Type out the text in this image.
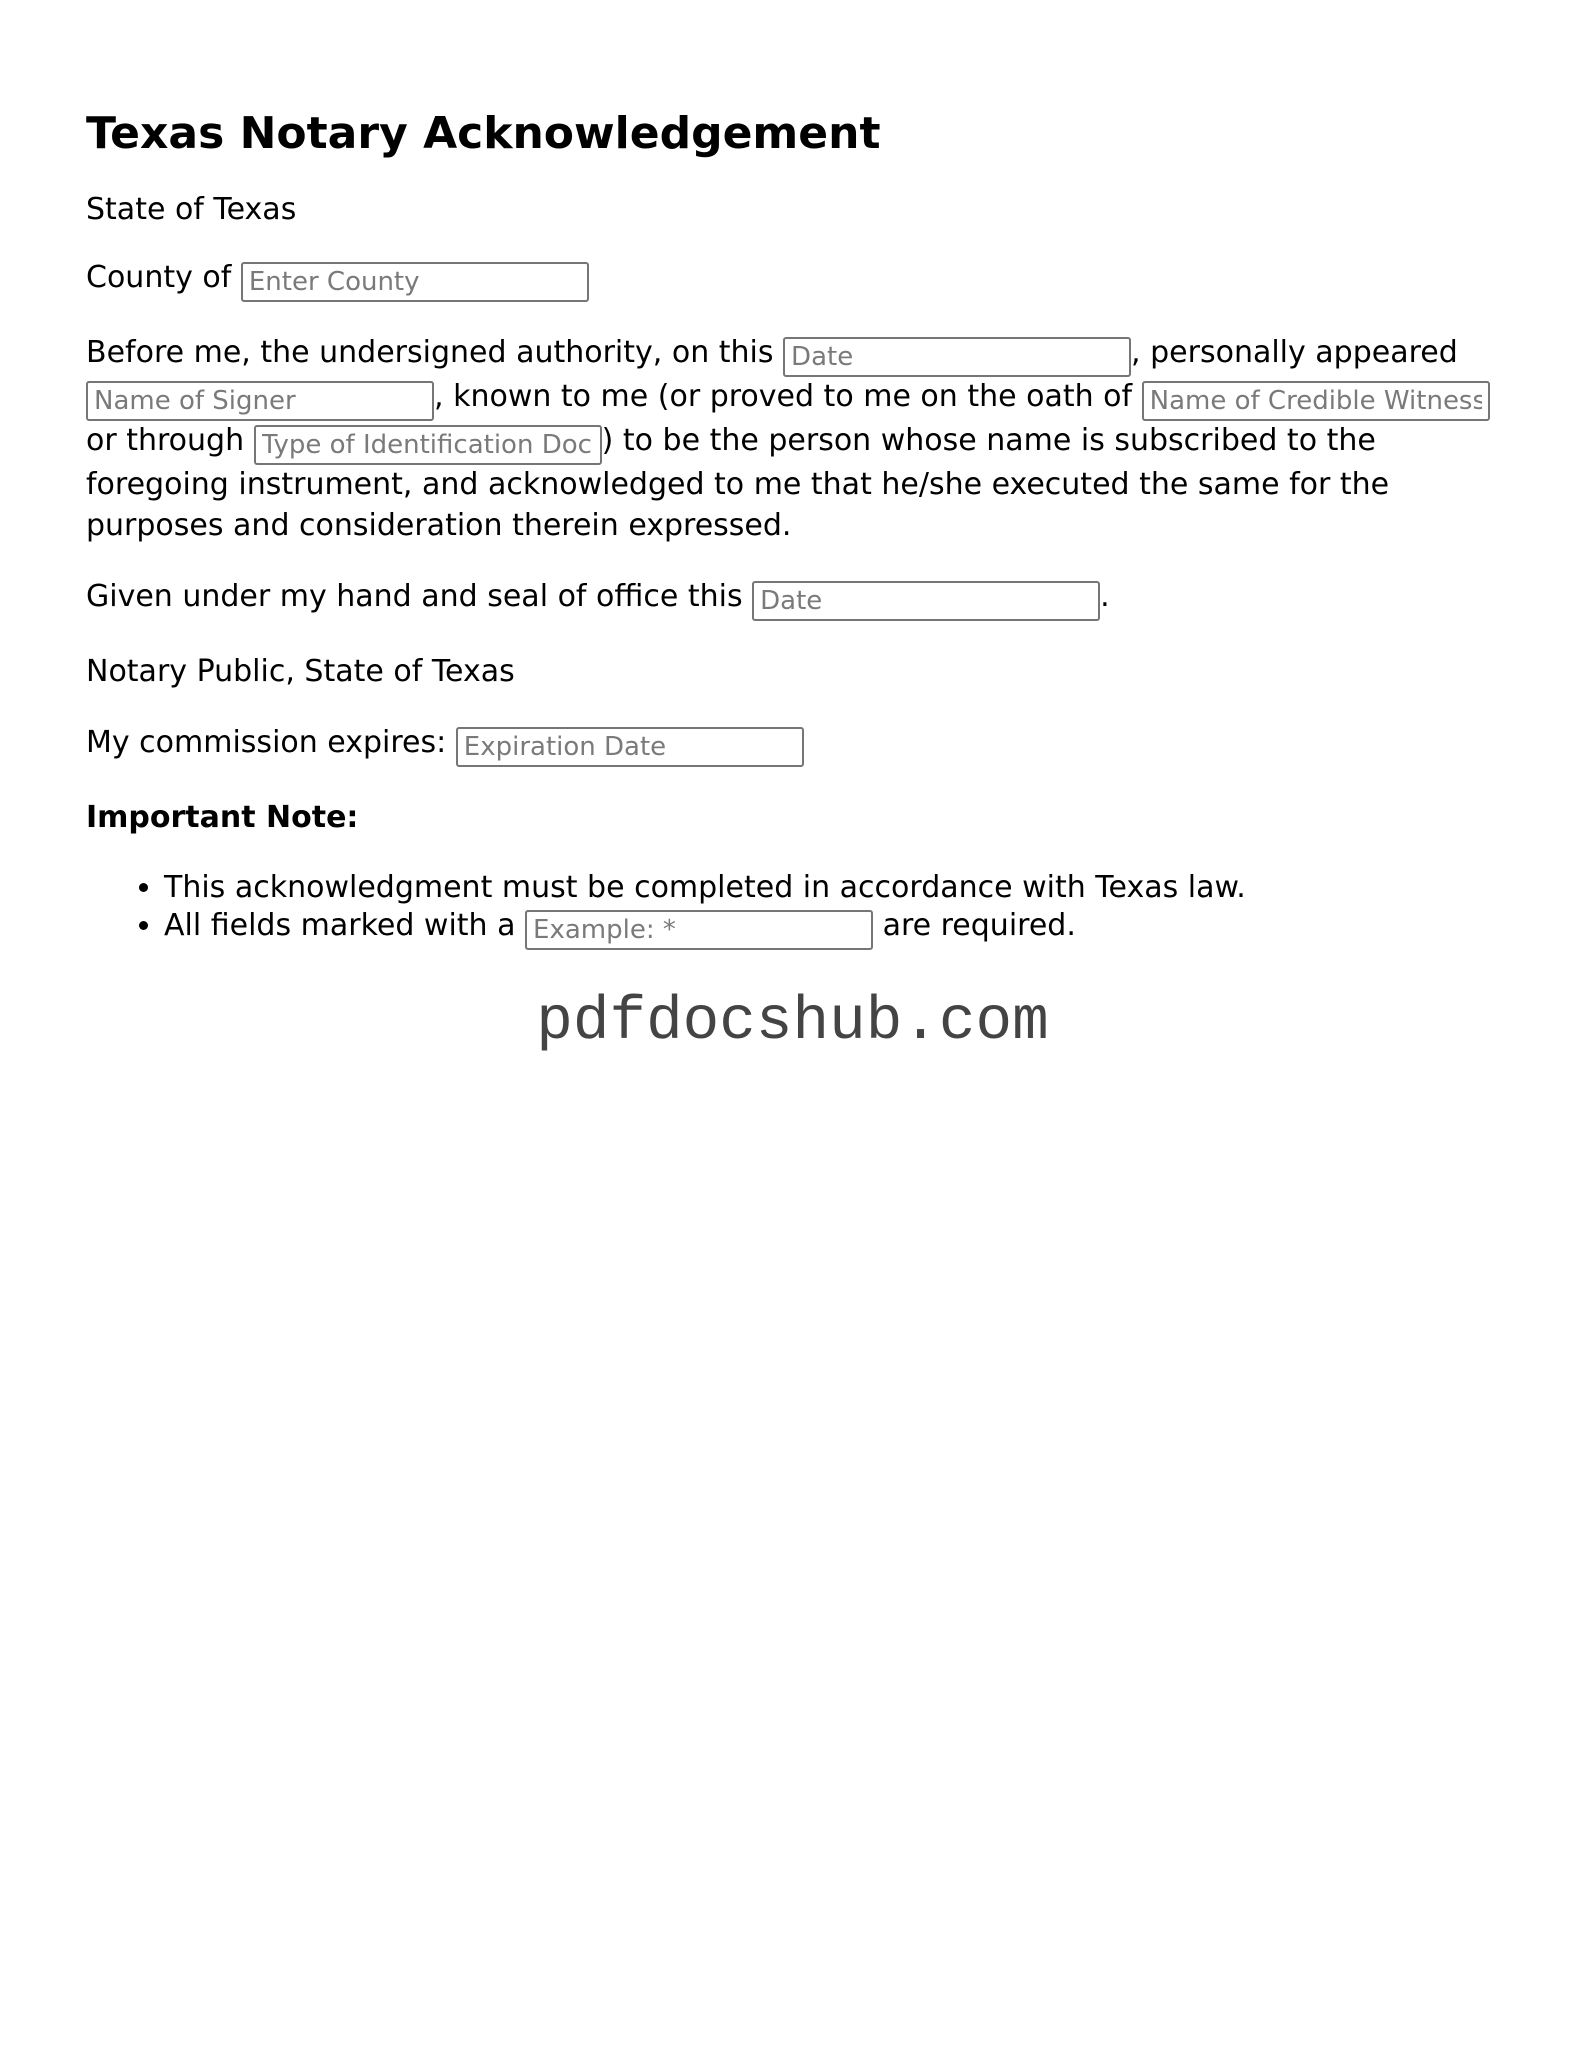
Texas Notary Acknowledgement

State of Texas

County of Enter County

Before me, the undersigned authority, on this Date	, personally appeared Name of Signer, known to me (or proved to me on the oath of Name of Credible Witness or through Type of Identification Document	) to be the person whose name is subscribed to the foregoing instrument, and acknowledged to me that he/she executed the same for the purposes and consideration therein expressed.

Given under my hand and seal of office this Date	.

Notary Public, State of Texas

My commission expires: Expiration Date

Important Note:

• This acknowledgment must be completed in accordance with Texas law.
• All fields marked with a Example: *	are required.
pdfdocshub.com
